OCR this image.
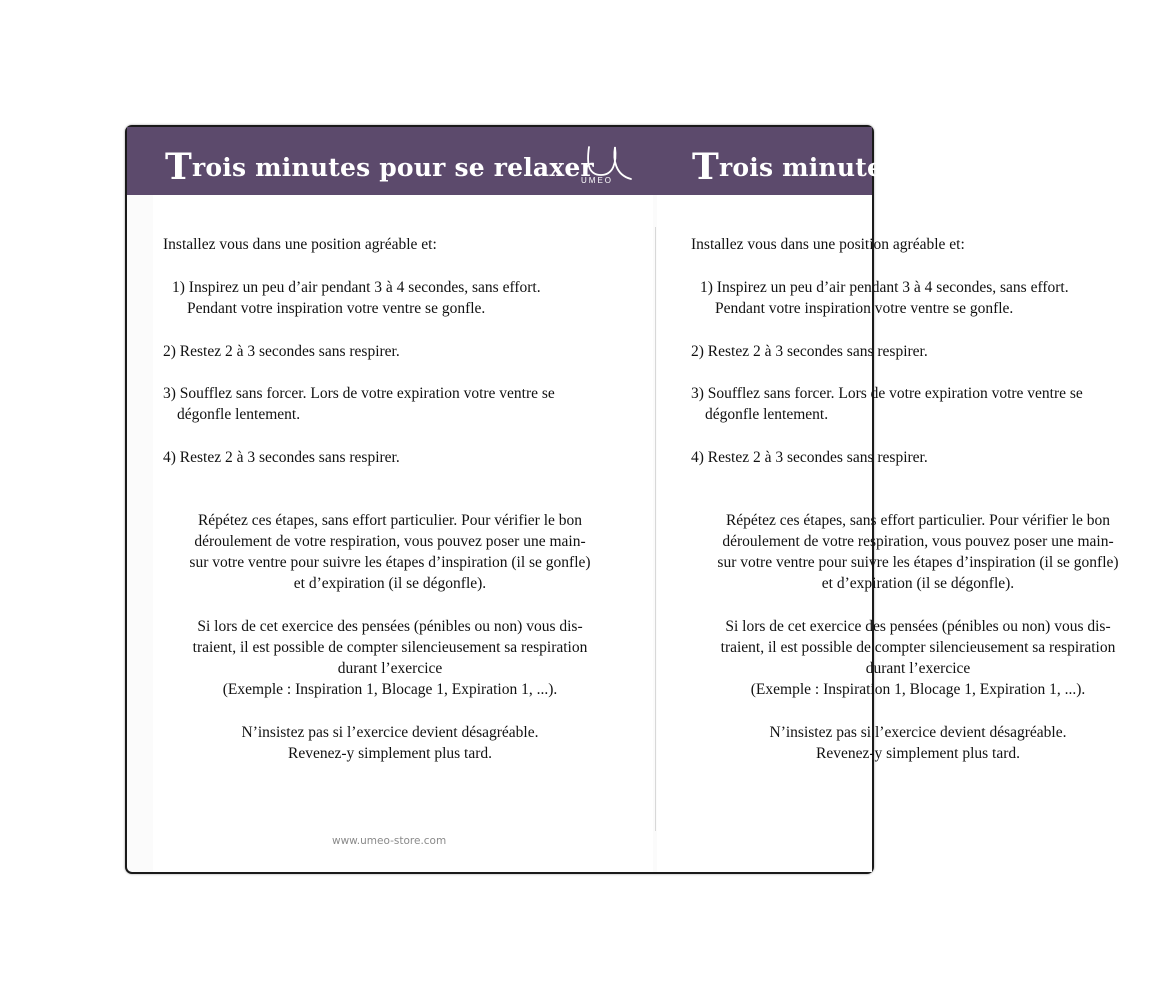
Trois minutes pour se relaxer
UMEO Trois minutes pour se relaxer
Installez vous dans une position agréable et:
1) Inspirez un peu d’air pendant 3 à 4 secondes, sans effort.
Pendant votre inspiration votre ventre se gonfle.
2) Restez 2 à 3 secondes sans respirer.
3) Soufflez sans forcer. Lors de votre expiration votre ventre se
dégonfle lentement.
4) Restez 2 à 3 secondes sans respirer.
Répétez ces étapes, sans effort particulier. Pour vérifier le bon
déroulement de votre respiration, vous pouvez poser une main-
sur votre ventre pour suivre les étapes d’inspiration (il se gonfle)
et d’expiration (il se dégonfle).
Si lors de cet exercice des pensées (pénibles ou non) vous dis-
traient, il est possible de compter silencieusement sa respiration
durant l’exercice
(Exemple : Inspiration 1, Blocage 1, Expiration 1, ...).
N’insistez pas si l’exercice devient désagréable.
Revenez-y simplement plus tard.
www.umeo-store.com
Installez vous dans une position agréable et:
1) Inspirez un peu d’air pendant 3 à 4 secondes, sans effort.
Pendant votre inspiration votre ventre se gonfle.
2) Restez 2 à 3 secondes sans respirer.
3) Soufflez sans forcer. Lors de votre expiration votre ventre se
dégonfle lentement.
4) Restez 2 à 3 secondes sans respirer.
Répétez ces étapes, sans effort particulier. Pour vérifier le bon
déroulement de votre respiration, vous pouvez poser une main-
sur votre ventre pour suivre les étapes d’inspiration (il se gonfle)
et d’expiration (il se dégonfle).
Si lors de cet exercice des pensées (pénibles ou non) vous dis-
traient, il est possible de compter silencieusement sa respiration
durant l’exercice
(Exemple : Inspiration 1, Blocage 1, Expiration 1, ...).
N’insistez pas si l’exercice devient désagréable.
Revenez-y simplement plus tard.
